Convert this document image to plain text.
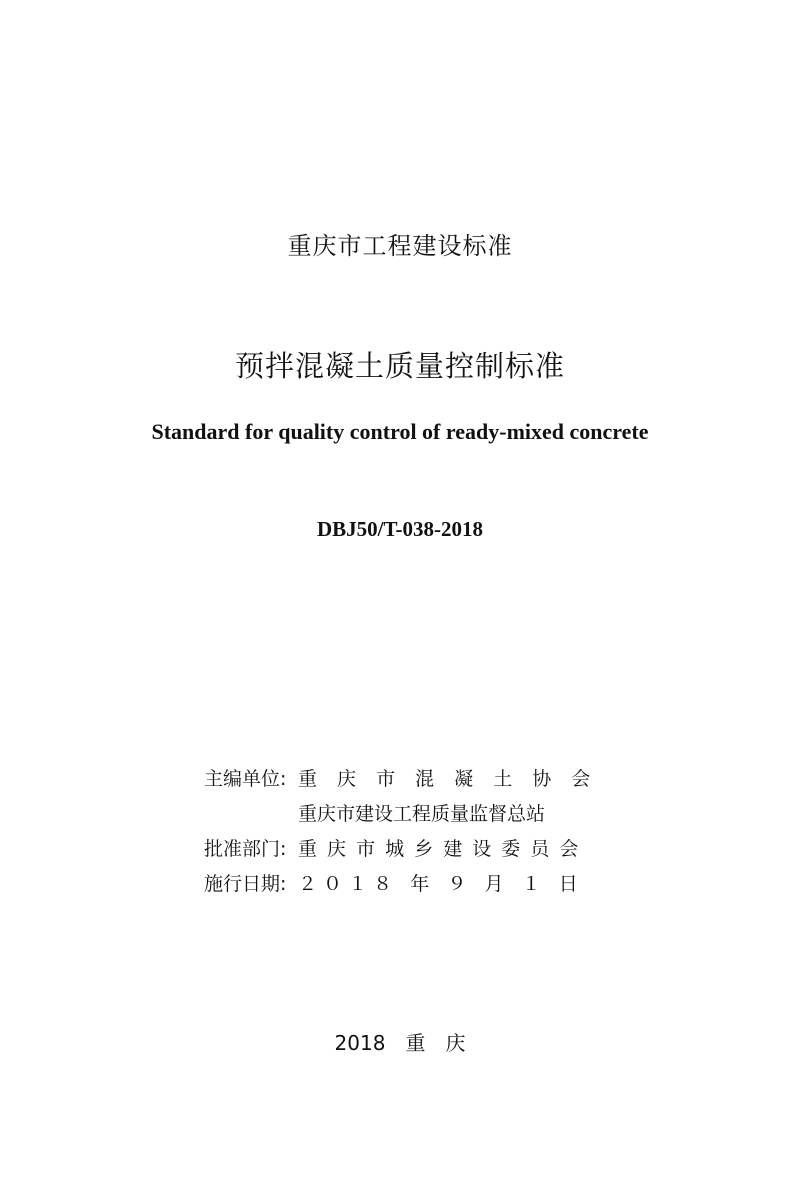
重庆市工程建设标准
预拌混凝土质量控制标准
Standard for quality control of ready-mixed concrete
DBJ50/T-038-2018
主编单位: 重 庆 市 混 凝 土 协 会
重庆市建设工程质量监督总站
批准部门: 重 庆 市 城 乡 建 设 委 员 会
施行日期: ２ ０ １ ８   年   ９   月   １   日
2018　重　庆
